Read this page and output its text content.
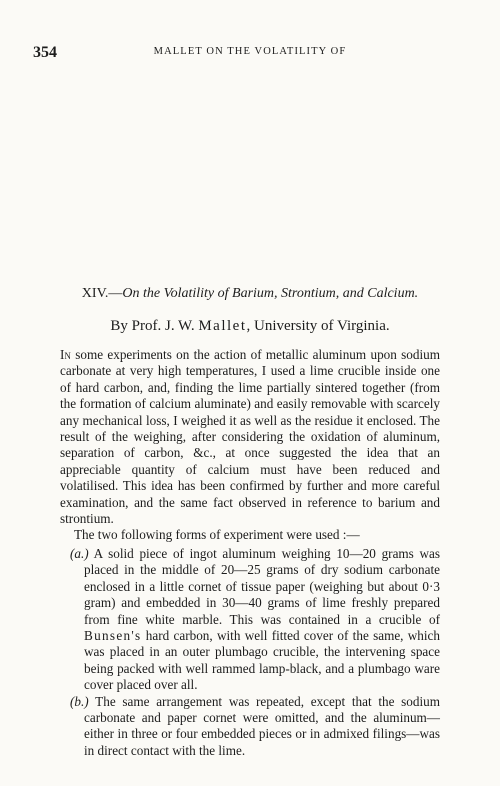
354	MALLET ON THE VOLATILITY OF
XIV.—On the Volatility of Barium, Strontium, and Calcium.
By Prof. J. W. Mallet, University of Virginia.

In some experiments on the action of metallic aluminum upon sodium carbonate at very high temperatures, I used a lime crucible inside one of hard carbon, and, finding the lime partially sintered together (from the formation of calcium aluminate) and easily removable with scarcely any mechanical loss, I weighed it as well as the residue it enclosed. The result of the weighing, after considering the oxidation of aluminum, separation of carbon, &c., at once suggested the idea that an appreciable quantity of calcium must have been reduced and volatilised. This idea has been confirmed by further and more careful examination, and the same fact observed in reference to barium and strontium.

The two following forms of experiment were used :—

(a.) A solid piece of ingot aluminum weighing 10—20 grams was placed in the middle of 20—25 grams of dry sodium carbonate enclosed in a little cornet of tissue paper (weighing but about 0·3 gram) and embedded in 30—40 grams of lime freshly prepared from fine white marble. This was contained in a crucible of Bunsen's hard carbon, with well fitted cover of the same, which was placed in an outer plumbago crucible, the intervening space being packed with well rammed lamp-black, and a plumbago ware cover placed over all.
(b.) The same arrangement was repeated, except that the sodium carbonate and paper cornet were omitted, and the aluminum—either in three or four embedded pieces or in admixed filings—was in direct contact with the lime.
